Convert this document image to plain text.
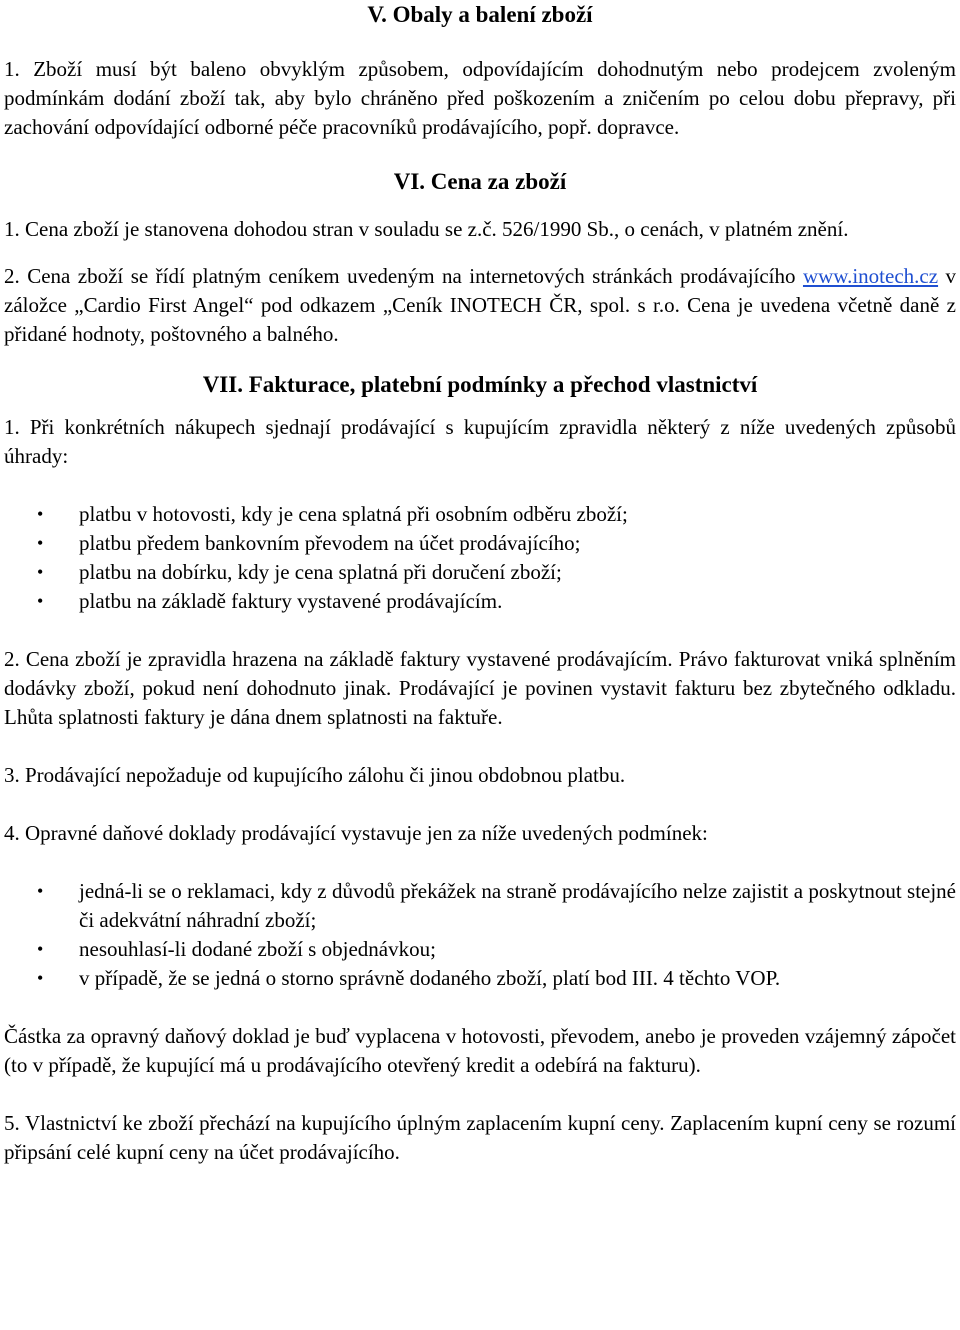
V. Obaly a balení zboží

1. Zboží musí být baleno obvyklým způsobem, odpovídajícím dohodnutým nebo prodejcem zvoleným podmínkám dodání zboží tak, aby bylo chráněno před poškozením a zničením po celou dobu přepravy, při zachování odpovídající odborné péče pracovníků prodávajícího, popř. dopravce.

VI. Cena za zboží

1. Cena zboží je stanovena dohodou stran v souladu se z.č. 526/1990 Sb., o cenách, v platném znění.

2. Cena zboží se řídí platným ceníkem uvedeným na internetových stránkách prodávajícího www.inotech.cz v záložce „Cardio First Angel“ pod odkazem „Ceník INOTECH ČR, spol. s r.o. Cena je uvedena včetně daně z přidané hodnoty, poštovného a balného.

VII. Fakturace, platební podmínky a přechod vlastnictví

1. Při konkrétních nákupech sjednají prodávající s kupujícím zpravidla některý z níže uvedených způsobů úhrady:

• platbu v hotovosti, kdy je cena splatná při osobním odběru zboží;
• platbu předem bankovním převodem na účet prodávajícího;
• platbu na dobírku, kdy je cena splatná při doručení zboží;
• platbu na základě faktury vystavené prodávajícím.

2. Cena zboží je zpravidla hrazena na základě faktury vystavené prodávajícím. Právo fakturovat vniká splněním dodávky zboží, pokud není dohodnuto jinak. Prodávající je povinen vystavit fakturu bez zbytečného odkladu. Lhůta splatnosti faktury je dána dnem splatnosti na faktuře.

3. Prodávající nepožaduje od kupujícího zálohu či jinou obdobnou platbu.

4. Opravné daňové doklady prodávající vystavuje jen za níže uvedených podmínek:

• jedná-li se o reklamaci, kdy z důvodů překážek na straně prodávajícího nelze zajistit a poskytnout stejné či adekvátní náhradní zboží;
• nesouhlasí-li dodané zboží s objednávkou;
• v případě, že se jedná o storno správně dodaného zboží, platí bod III. 4 těchto VOP.

Částka za opravný daňový doklad je buď vyplacena v hotovosti, převodem, anebo je proveden vzájemný zápočet (to v případě, že kupující má u prodávajícího otevřený kredit a odebírá na fakturu).

5. Vlastnictví ke zboží přechází na kupujícího úplným zaplacením kupní ceny. Zaplacením kupní ceny se rozumí připsání celé kupní ceny na účet prodávajícího.
